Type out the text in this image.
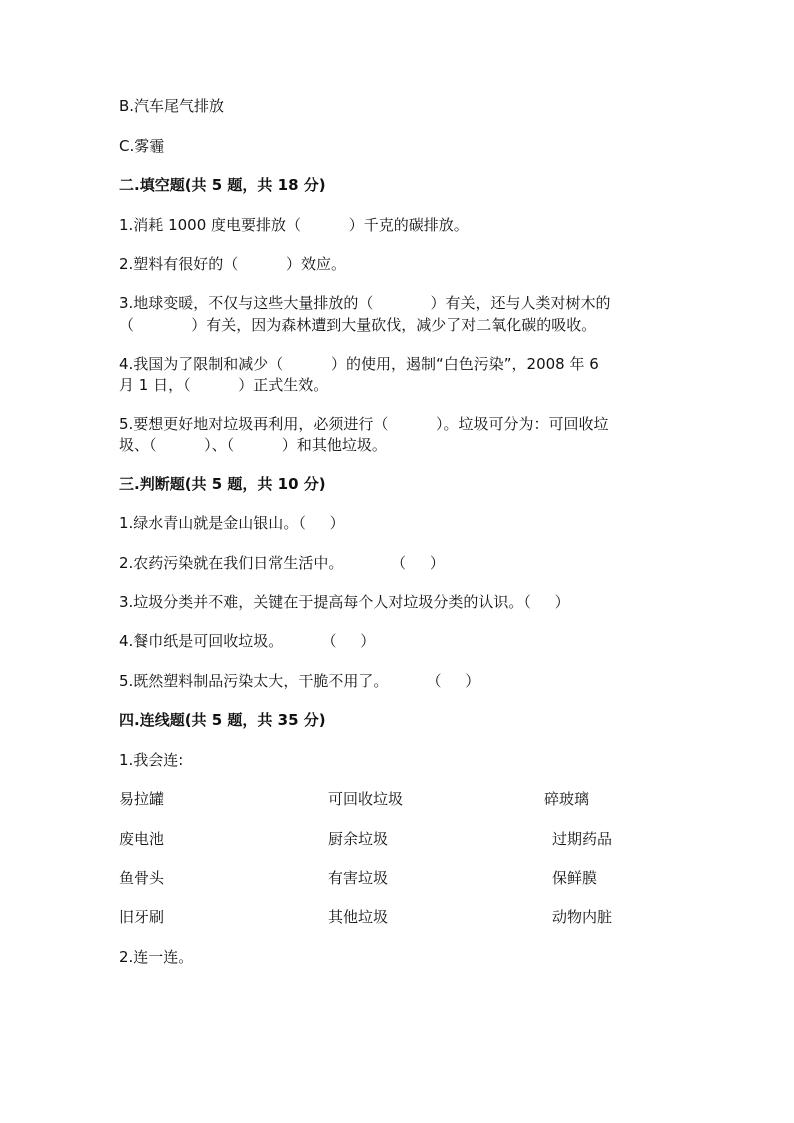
B.汽车尾气排放
C.雾霾
二.填空题(共 5 题，共 18 分)
1.消耗 1000 度电要排放（          ）千克的碳排放。
2.塑料有很好的（          ）效应。
3.地球变暖，不仅与这些大量排放的（            ）有关，还与人类对树木的
（            ）有关，因为森林遭到大量砍伐，减少了对二氧化碳的吸收。
4.我国为了限制和减少（          ）的使用，遏制“白色污染”，2008 年 6
月 1 日，（          ）正式生效。
5.要想更好地对垃圾再利用，必须进行（          ）。垃圾可分为：可回收垃
圾、（          ）、（          ）和其他垃圾。
三.判断题(共 5 题，共 10 分)
1.绿水青山就是金山银山。（     ）
2.农药污染就在我们日常生活中。          （     ）
3.垃圾分类并不难，关键在于提高每个人对垃圾分类的认识。（     ）
4.餐巾纸是可回收垃圾。        （     ）
5.既然塑料制品污染太大，干脆不用了。        （     ）
四.连线题(共 5 题，共 35 分)
1.我会连:
易拉罐	可回收垃圾	碎玻璃
废电池	厨余垃圾	过期药品
鱼骨头	有害垃圾	保鲜膜
旧牙刷	其他垃圾	动物内脏
2.连一连。
